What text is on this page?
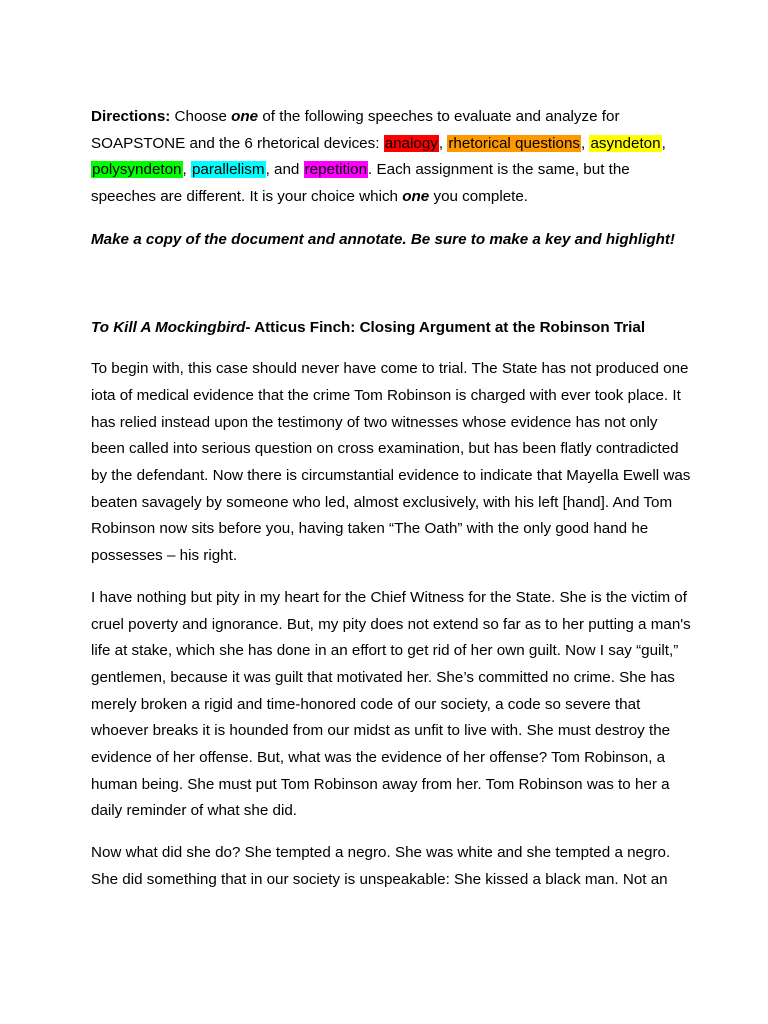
Directions: Choose one of the following speeches to evaluate and analyze for SOAPSTONE and the 6 rhetorical devices: analogy, rhetorical questions, asyndeton, polysyndeton, parallelism, and repetition. Each assignment is the same, but the speeches are different. It is your choice which one you complete.

Make a copy of the document and annotate. Be sure to make a key and highlight!

To Kill A Mockingbird- Atticus Finch: Closing Argument at the Robinson Trial

To begin with, this case should never have come to trial. The State has not produced one iota of medical evidence that the crime Tom Robinson is charged with ever took place. It has relied instead upon the testimony of two witnesses whose evidence has not only been called into serious question on cross examination, but has been flatly contradicted by the defendant. Now there is circumstantial evidence to indicate that Mayella Ewell was beaten savagely by someone who led, almost exclusively, with his left [hand]. And Tom Robinson now sits before you, having taken “The Oath” with the only good hand he possesses – his right.

I have nothing but pity in my heart for the Chief Witness for the State. She is the victim of cruel poverty and ignorance. But, my pity does not extend so far as to her putting a man's life at stake, which she has done in an effort to get rid of her own guilt. Now I say “guilt,” gentlemen, because it was guilt that motivated her. She’s committed no crime. She has merely broken a rigid and time-honored code of our society, a code so severe that whoever breaks it is hounded from our midst as unfit to live with. She must destroy the evidence of her offense. But, what was the evidence of her offense? Tom Robinson, a human being. She must put Tom Robinson away from her. Tom Robinson was to her a daily reminder of what she did.

Now what did she do? She tempted a negro. She was white and she tempted a negro. She did something that in our society is unspeakable: She kissed a black man. Not an
